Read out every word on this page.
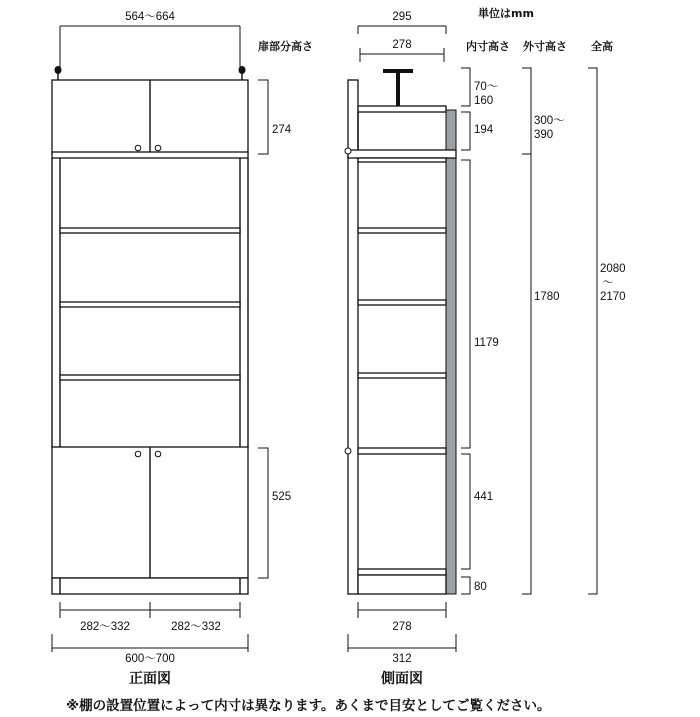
564〜664
274
525
282〜332	282〜332
600〜700
正面図
295
278
278
312
側面図
単位はmm
扉部分高さ	内寸高さ 外寸高さ 全高
70〜
160
194
1179
441
80
300〜
390
1780
2080
〜
2170
※棚の設置位置によって内寸は異なります。あくまで目安としてご覧ください。
